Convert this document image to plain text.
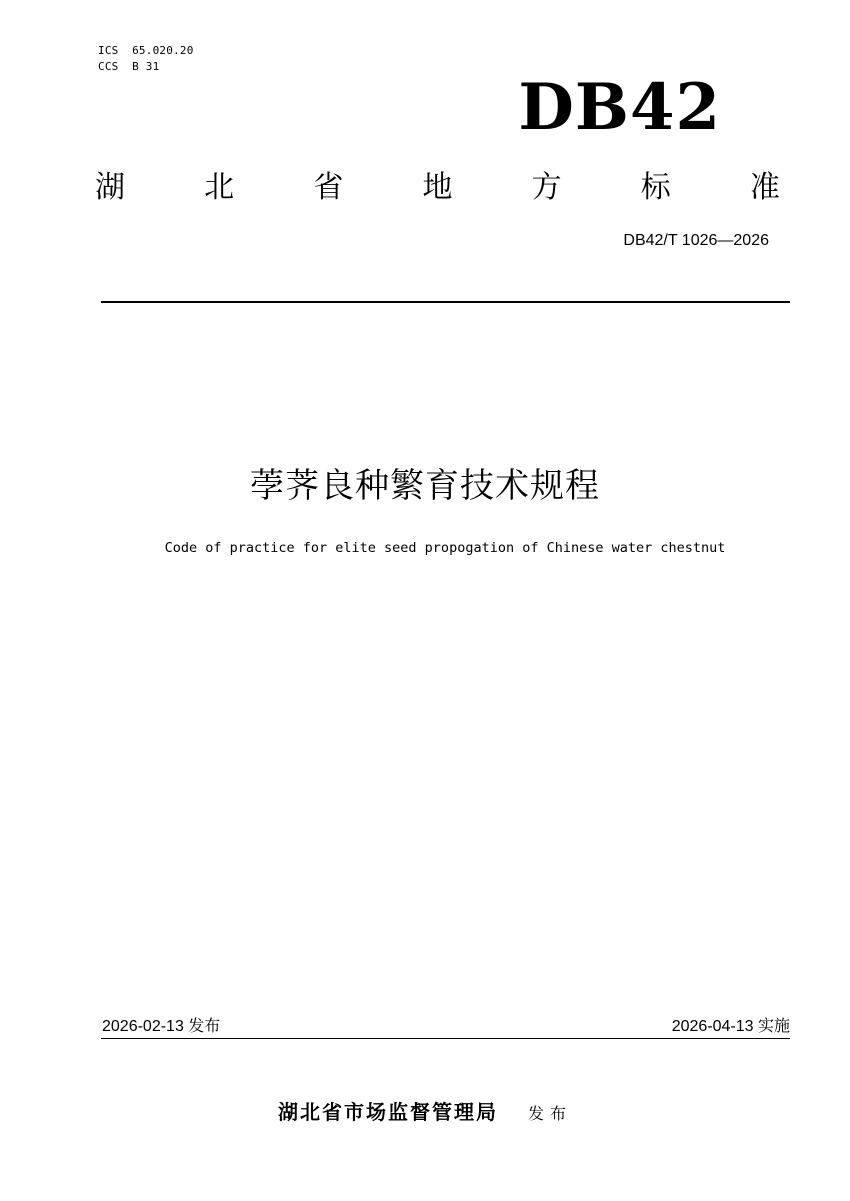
ICS  65.020.20
CCS  B 31
DB42
湖	北	省	地	方	标	准
DB42/T 1026—2026
荸荠良种繁育技术规程
Code of practice for elite seed propogation of Chinese water chestnut
2026-02-13 发布	2026-04-13 实施
湖北省市场监督管理局 发布
